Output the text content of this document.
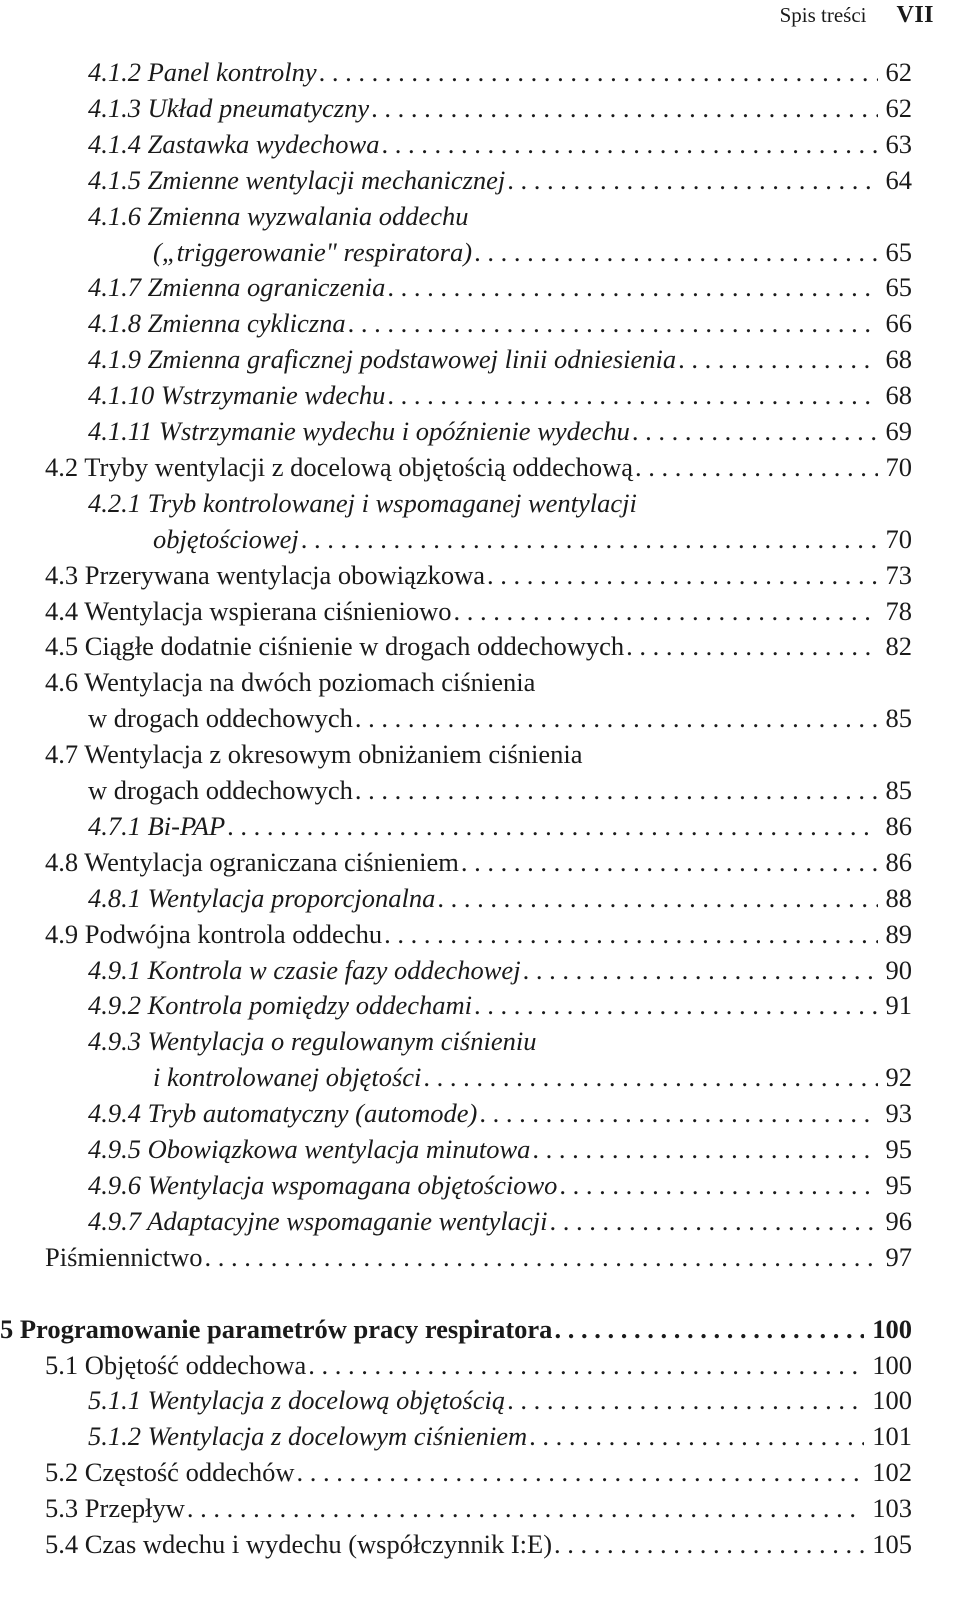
Spis treści VII
4.1.2 Panel kontrolny . . .	62
4.1.3 Układ pneumatyczny . . .	62
4.1.4 Zastawka wydechowa . . .	63
4.1.5 Zmienne wentylacji mechanicznej . . .	64
4.1.6 Zmienna wyzwalania oddechu
(„triggerowanie" respiratora) . . .	65
4.1.7 Zmienna ograniczenia . . .	65
4.1.8 Zmienna cykliczna . . .	66
4.1.9 Zmienna graficznej podstawowej linii odniesienia . . .	68
4.1.10 Wstrzymanie wdechu . . .	68
4.1.11 Wstrzymanie wydechu i opóźnienie wydechu . . .	69
4.2 Tryby wentylacji z docelową objętością oddechową . . .	70
4.2.1 Tryb kontrolowanej i wspomaganej wentylacji
objętościowej . . .	70
4.3 Przerywana wentylacja obowiązkowa . . .	73
4.4 Wentylacja wspierana ciśnieniowo . . .	78
4.5 Ciągłe dodatnie ciśnienie w drogach oddechowych . . .	82
4.6 Wentylacja na dwóch poziomach ciśnienia
w drogach oddechowych . . .	85
4.7 Wentylacja z okresowym obniżaniem ciśnienia
w drogach oddechowych . . .	85
4.7.1 Bi-PAP . . .	86
4.8 Wentylacja ograniczana ciśnieniem . . .	86
4.8.1 Wentylacja proporcjonalna . . .	88
4.9 Podwójna kontrola oddechu . . .	89
4.9.1 Kontrola w czasie fazy oddechowej . . .	90
4.9.2 Kontrola pomiędzy oddechami . . .	91
4.9.3 Wentylacja o regulowanym ciśnieniu
i kontrolowanej objętości . . .	92
4.9.4 Tryb automatyczny (automode) . . .	93
4.9.5 Obowiązkowa wentylacja minutowa . . .	95
4.9.6 Wentylacja wspomagana objętościowo . . .	95
4.9.7 Adaptacyjne wspomaganie wentylacji . . .	96
Piśmiennictwo . . .	97
5 Programowanie parametrów pracy respiratora . . .	100
5.1 Objętość oddechowa . . .	100
5.1.1 Wentylacja z docelową objętością . . .	100
5.1.2 Wentylacja z docelowym ciśnieniem . . .	101
5.2 Częstość oddechów . . .	102
5.3 Przepływ . . .	103
5.4 Czas wdechu i wydechu (współczynnik I:E) . . .	105
